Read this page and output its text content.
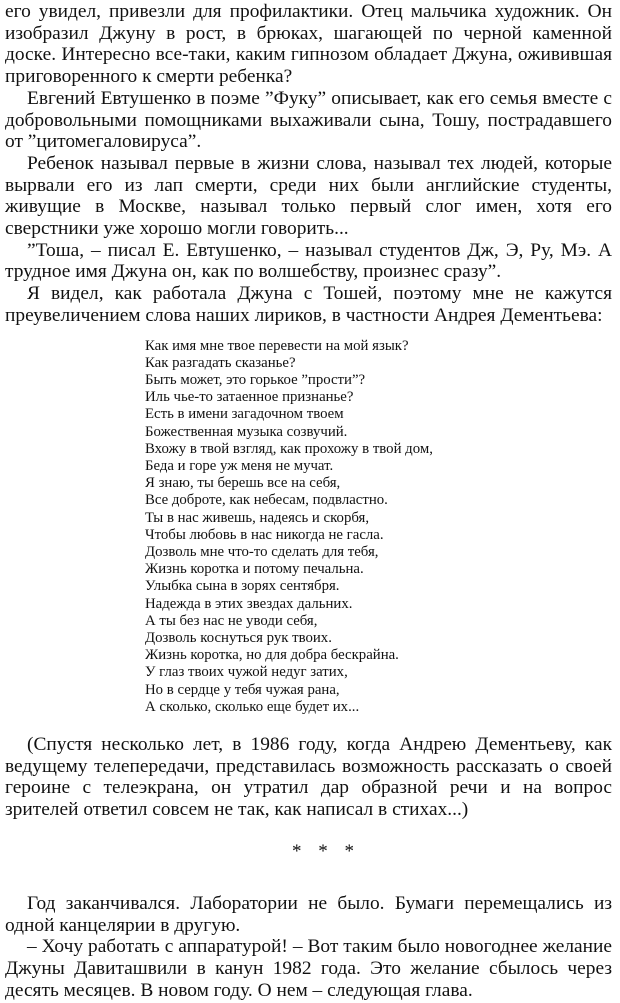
его увидел, привезли для профилактики. Отец мальчика художник. Он изобразил Джуну в рост, в брюках, шагающей по черной каменной доске. Интересно все-таки, каким гипнозом обладает Джуна, оживившая приговоренного к смерти ребенка?

Евгений Евтушенко в поэме ”Фуку” описывает, как его семья вместе с добровольными помощниками выхаживали сына, Тошу, пострадавшего от ”цитомегаловируса”.

Ребенок называл первые в жизни слова, называл тех людей, которые вырвали его из лап смерти, среди них были английские студенты, живущие в Москве, называл только первый слог имен, хотя его сверстники уже хорошо могли говорить...

”Тоша, – писал Е. Евтушенко, – называл студентов Дж, Э, Ру, Мэ. А трудное имя Джуна он, как по волшебству, произнес сразу”.

Я видел, как работала Джуна с Тошей, поэтому мне не кажутся преувеличением слова наших лириков, в частности Андрея Дементьева:

Как имя мне твое перевести на мой язык?
Как разгадать сказанье?
Быть может, это горькое ”прости”?
Иль чье-то затаенное признанье?
Есть в имени загадочном твоем
Божественная музыка созвучий.
Вхожу в твой взгляд, как прохожу в твой дом,
Беда и горе уж меня не мучат.
Я знаю, ты берешь все на себя,
Все доброте, как небесам, подвластно.
Ты в нас живешь, надеясь и скорбя,
Чтобы любовь в нас никогда не гасла.
Дозволь мне что-то сделать для тебя,
Жизнь коротка и потому печальна.
Улыбка сына в зорях сентября.
Надежда в этих звездах дальних.
А ты без нас не уводи себя,
Дозволь коснуться рук твоих.
Жизнь коротка, но для добра бескрайна.
У глаз твоих чужой недуг затих,
Но в сердце у тебя чужая рана,
А сколько, сколько еще будет их...

(Спустя несколько лет, в 1986 году, когда Андрею Дементьеву, как ведущему телепередачи, представилась возможность рассказать о своей героине с телеэкрана, он утратил дар образной речи и на вопрос зрителей ответил совсем не так, как написал в стихах...)

* * *

Год заканчивался. Лаборатории не было. Бумаги перемещались из одной канцелярии в другую.

– Хочу работать с аппаратурой! – Вот таким было новогоднее желание Джуны Давиташвили в канун 1982 года. Это желание сбылось через десять месяцев. В новом году. О нем – следующая глава.
